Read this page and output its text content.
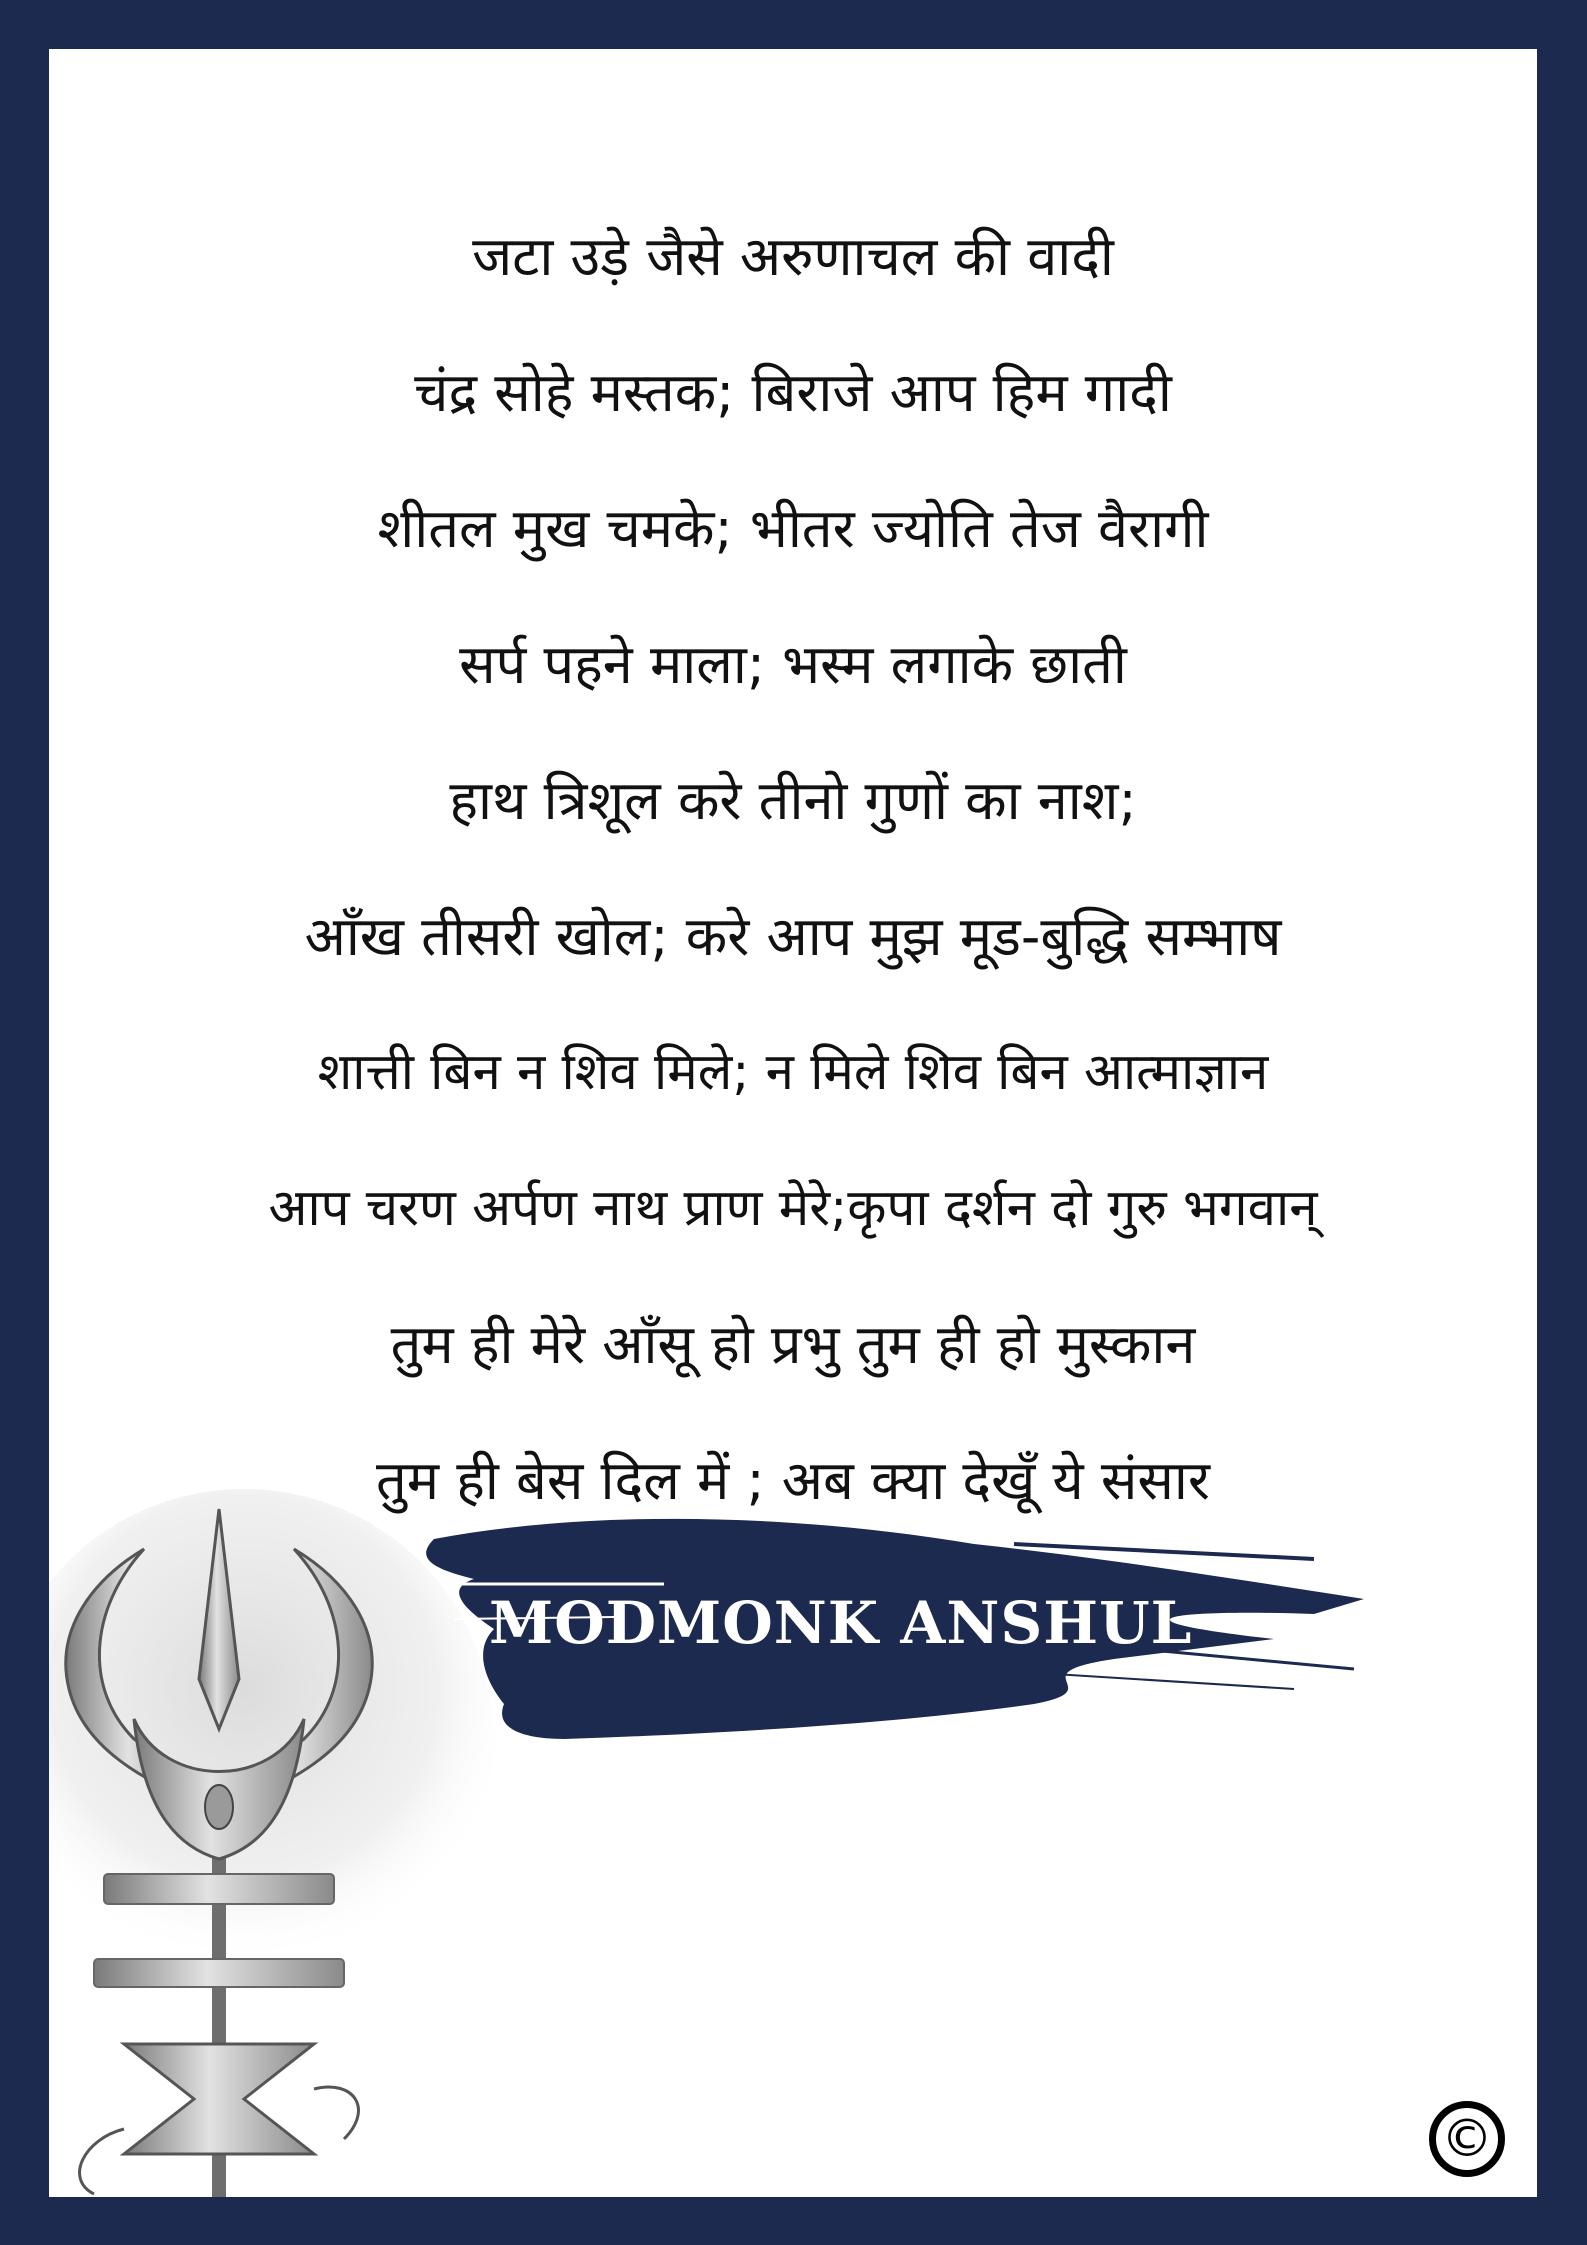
जटा उड़े जैसे अरुणाचल की वादी
चंद्र सोहे मस्तक; बिराजे आप हिम गादी
शीतल मुख चमके; भीतर ज्योति तेज वैरागी
सर्प पहने माला; भस्म लगाके छाती
हाथ त्रिशूल करे तीनो गुणों का नाश;
आँख तीसरी खोल; करे आप मुझ मूड-बुद्धि सम्भाष
शात्ती बिन न शिव मिले; न मिले शिव बिन आत्माज्ञान
आप चरण अर्पण नाथ प्राण मेरे;कृपा दर्शन दो गुरु भगवान्
तुम ही मेरे आँसू हो प्रभु तुम ही हो मुस्कान
तुम ही बेस दिल में ; अब क्या देखूँ ये संसार
MODMONK ANSHUL
©
